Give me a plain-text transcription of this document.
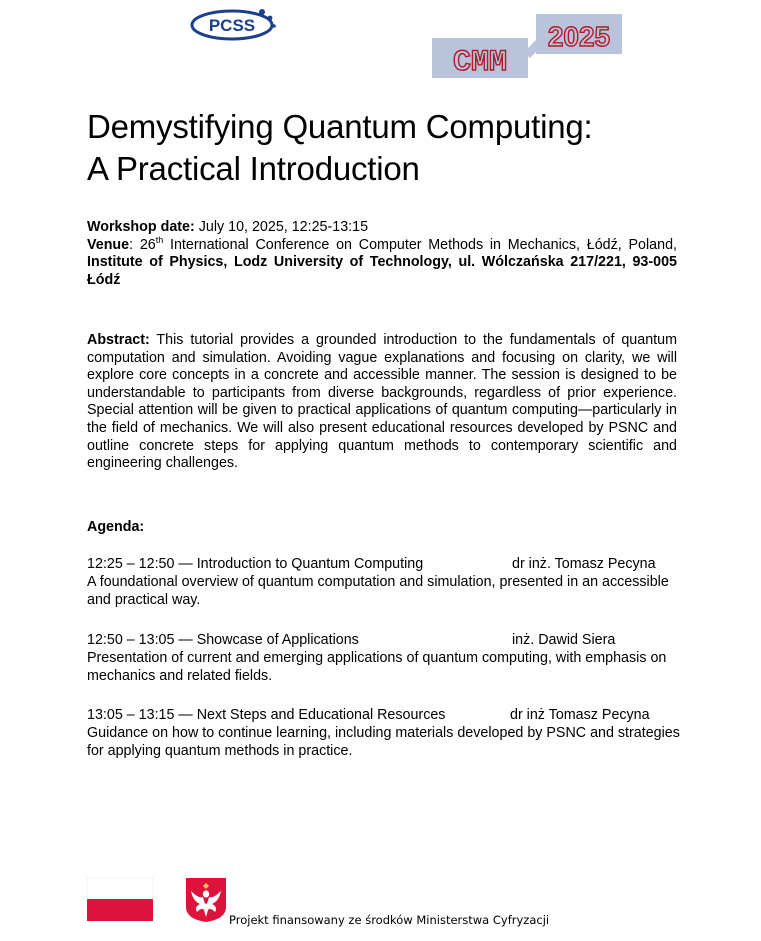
PCSS
CMM
2025
Demystifying Quantum Computing:
A Practical Introduction

Workshop date: July 10, 2025, 12:25-13:15
Venue: 26th International Conference on Computer Methods in Mechanics, Łódź, Poland, Institute of Physics, Lodz University of Technology, ul. Wólczańska 217/221, 93-005 Łódź

Abstract: This tutorial provides a grounded introduction to the fundamentals of quantum computation and simulation. Avoiding vague explanations and focusing on clarity, we will explore core concepts in a concrete and accessible manner. The session is designed to be understandable to participants from diverse backgrounds, regardless of prior experience. Special attention will be given to practical applications of quantum computing—particularly in the field of mechanics. We will also present educational resources developed by PSNC and outline concrete steps for applying quantum methods to contemporary scientific and engineering challenges.

Agenda:

12:25 – 12:50 — Introduction to Quantum Computing	dr inż. Tomasz Pecyna
A foundational overview of quantum computation and simulation, presented in an accessible and practical way.
12:50 – 13:05 — Showcase of Applications	inż. Dawid Siera
Presentation of current and emerging applications of quantum computing, with emphasis on mechanics and related fields.
13:05 – 13:15 — Next Steps and Educational Resources	dr inż Tomasz Pecyna
Guidance on how to continue learning, including materials developed by PSNC and strategies for applying quantum methods in practice.

Projekt finansowany ze środków Ministerstwa Cyfryzacji
